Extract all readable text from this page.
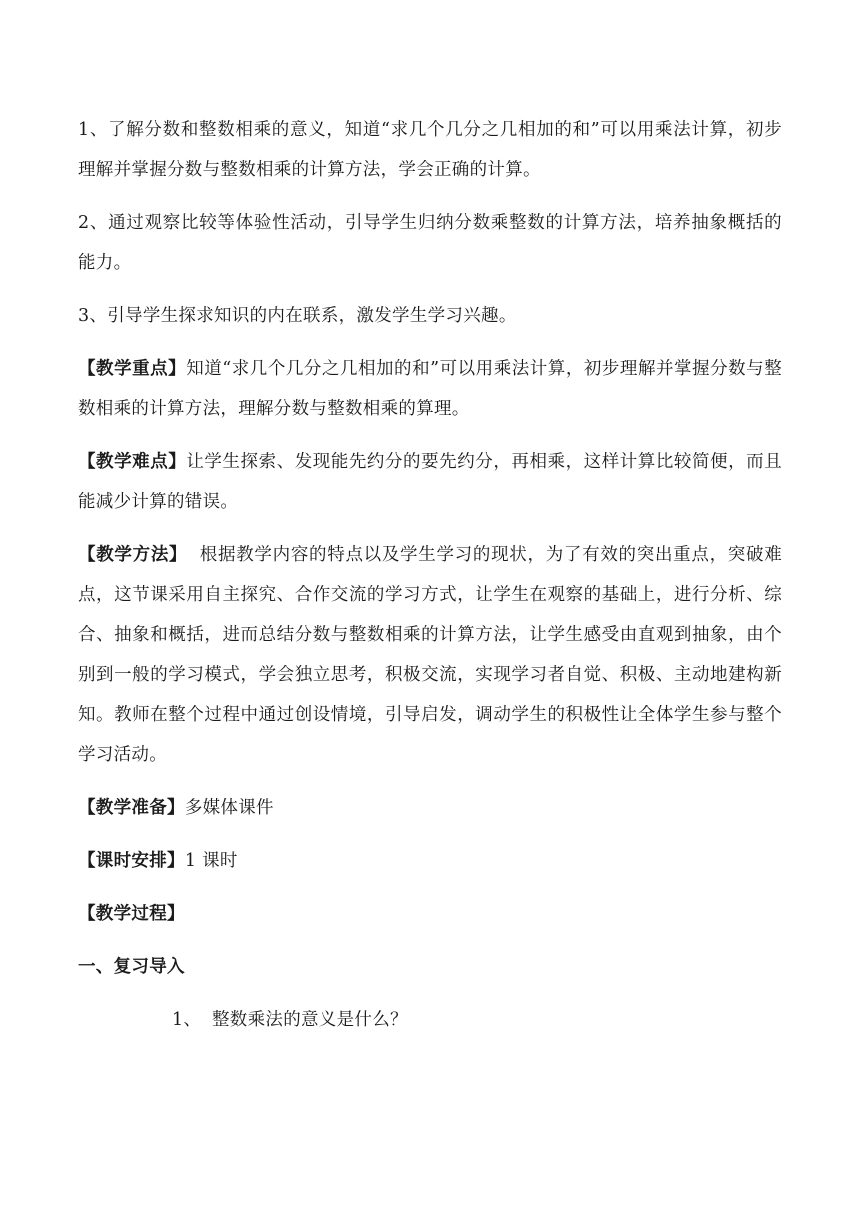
1、了解分数和整数相乘的意义，知道“求几个几分之几相加的和”可以用乘法计算，初步理解并掌握分数与整数相乘的计算方法，学会正确的计算。

2、通过观察比较等体验性活动，引导学生归纳分数乘整数的计算方法，培养抽象概括的能力。

3、引导学生探求知识的内在联系，激发学生学习兴趣。

【教学重点】知道“求几个几分之几相加的和”可以用乘法计算，初步理解并掌握分数与整数相乘的计算方法，理解分数与整数相乘的算理。

【教学难点】让学生探索、发现能先约分的要先约分，再相乘，这样计算比较简便，而且能减少计算的错误。

【教学方法】  根据教学内容的特点以及学生学习的现状，为了有效的突出重点，突破难点，这节课采用自主探究、合作交流的学习方式，让学生在观察的基础上，进行分析、综合、抽象和概括，进而总结分数与整数相乘的计算方法，让学生感受由直观到抽象，由个别到一般的学习模式，学会独立思考，积极交流，实现学习者自觉、积极、主动地建构新知。教师在整个过程中通过创设情境，引导启发，调动学生的积极性让全体学生参与整个学习活动。

【教学准备】多媒体课件

【课时安排】1 课时

【教学过程】

一、复习导入

1、 整数乘法的意义是什么？
